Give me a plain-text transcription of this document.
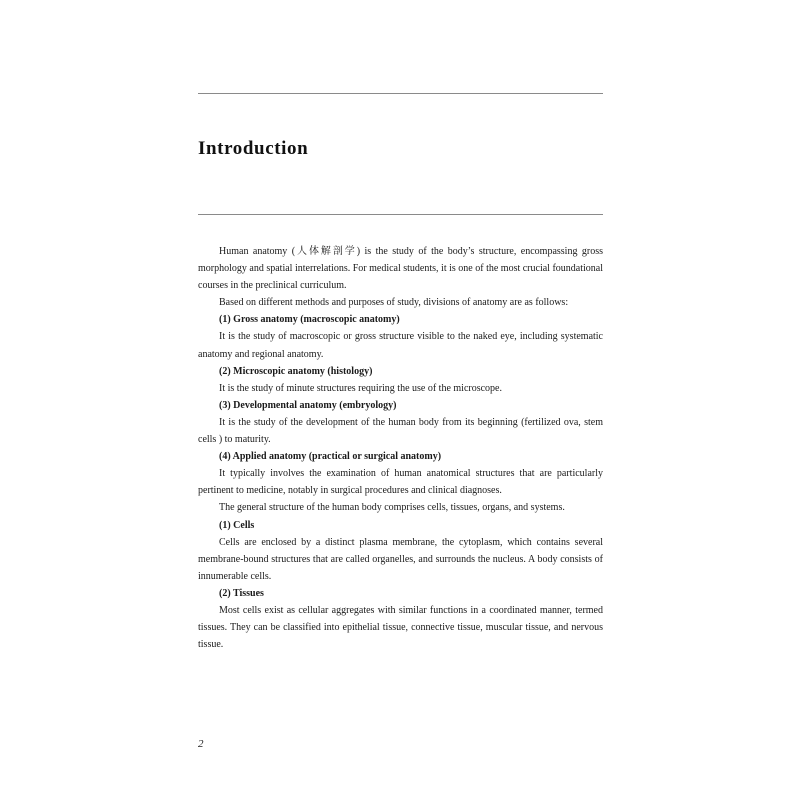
Introduction

Human anatomy (人体解剖学) is the study of the body’s structure, encompassing gross morphology and spatial interrelations. For medical students, it is one of the most crucial foundational courses in the preclinical curriculum.

Based on different methods and purposes of study, divisions of anatomy are as follows:

(1) Gross anatomy (macroscopic anatomy)

It is the study of macroscopic or gross structure visible to the naked eye, including systematic anatomy and regional anatomy.

(2) Microscopic anatomy (histology)

It is the study of minute structures requiring the use of the microscope.

(3) Developmental anatomy (embryology)

It is the study of the development of the human body from its beginning (fertilized ova, stem cells ) to maturity.

(4) Applied anatomy (practical or surgical anatomy)

It typically involves the examination of human anatomical structures that are particularly pertinent to medicine, notably in surgical procedures and clinical diagnoses.

The general structure of the human body comprises cells, tissues, organs, and systems.

(1) Cells

Cells are enclosed by a distinct plasma membrane, the cytoplasm, which contains several membrane-bound structures that are called organelles, and surrounds the nucleus. A body consists of innumerable cells.

(2) Tissues

Most cells exist as cellular aggregates with similar functions in a coordinated manner, termed tissues. They can be classified into epithelial tissue, connective tissue, muscular tissue, and nervous tissue.

2
